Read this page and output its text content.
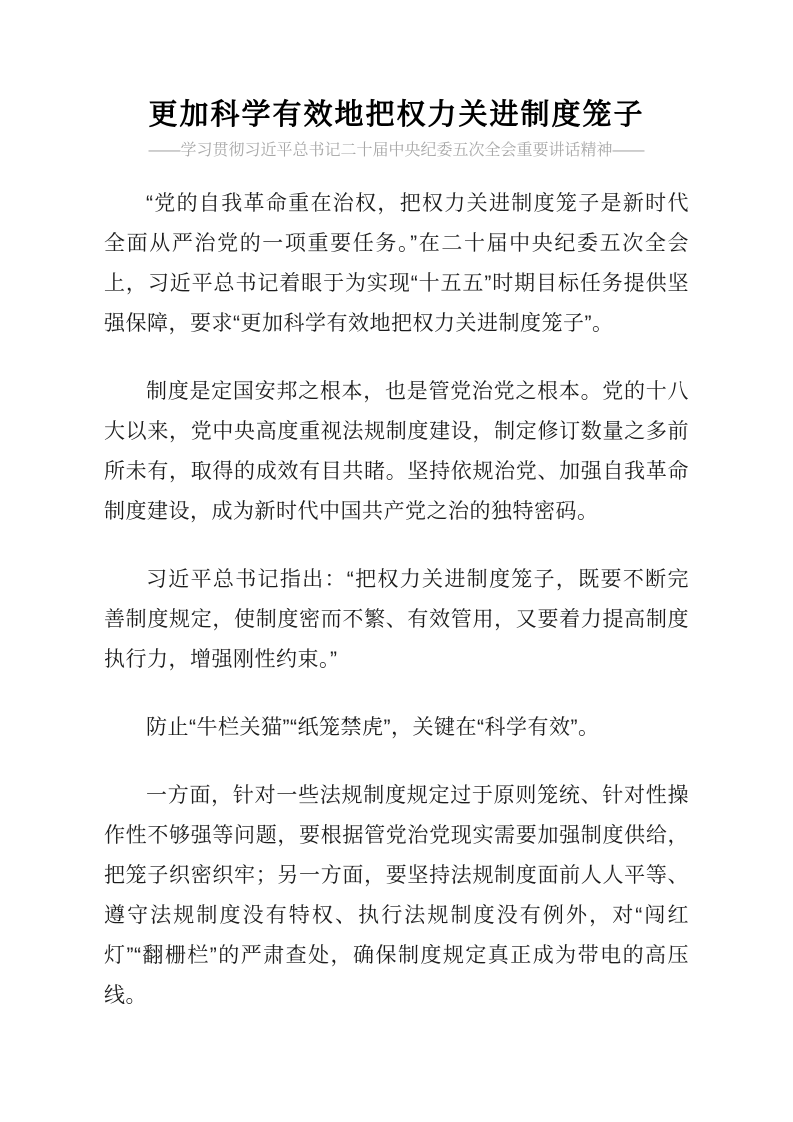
更加科学有效地把权力关进制度笼子
——学习贯彻习近平总书记二十届中央纪委五次全会重要讲话精神——

“党的自我革命重在治权，把权力关进制度笼子是新时代全面从严治党的一项重要任务。”在二十届中央纪委五次全会上，习近平总书记着眼于为实现“十五五”时期目标任务提供坚强保障，要求“更加科学有效地把权力关进制度笼子”。

制度是定国安邦之根本，也是管党治党之根本。党的十八大以来，党中央高度重视法规制度建设，制定修订数量之多前所未有，取得的成效有目共睹。坚持依规治党、加强自我革命制度建设，成为新时代中国共产党之治的独特密码。

习近平总书记指出：“把权力关进制度笼子，既要不断完善制度规定，使制度密而不繁、有效管用，又要着力提高制度执行力，增强刚性约束。”

防止“牛栏关猫”“纸笼禁虎”，关键在“科学有效”。

一方面，针对一些法规制度规定过于原则笼统、针对性操作性不够强等问题，要根据管党治党现实需要加强制度供给，把笼子织密织牢；另一方面，要坚持法规制度面前人人平等、遵守法规制度没有特权、执行法规制度没有例外，对“闯红灯”“翻栅栏”的严肃查处，确保制度规定真正成为带电的高压线。
